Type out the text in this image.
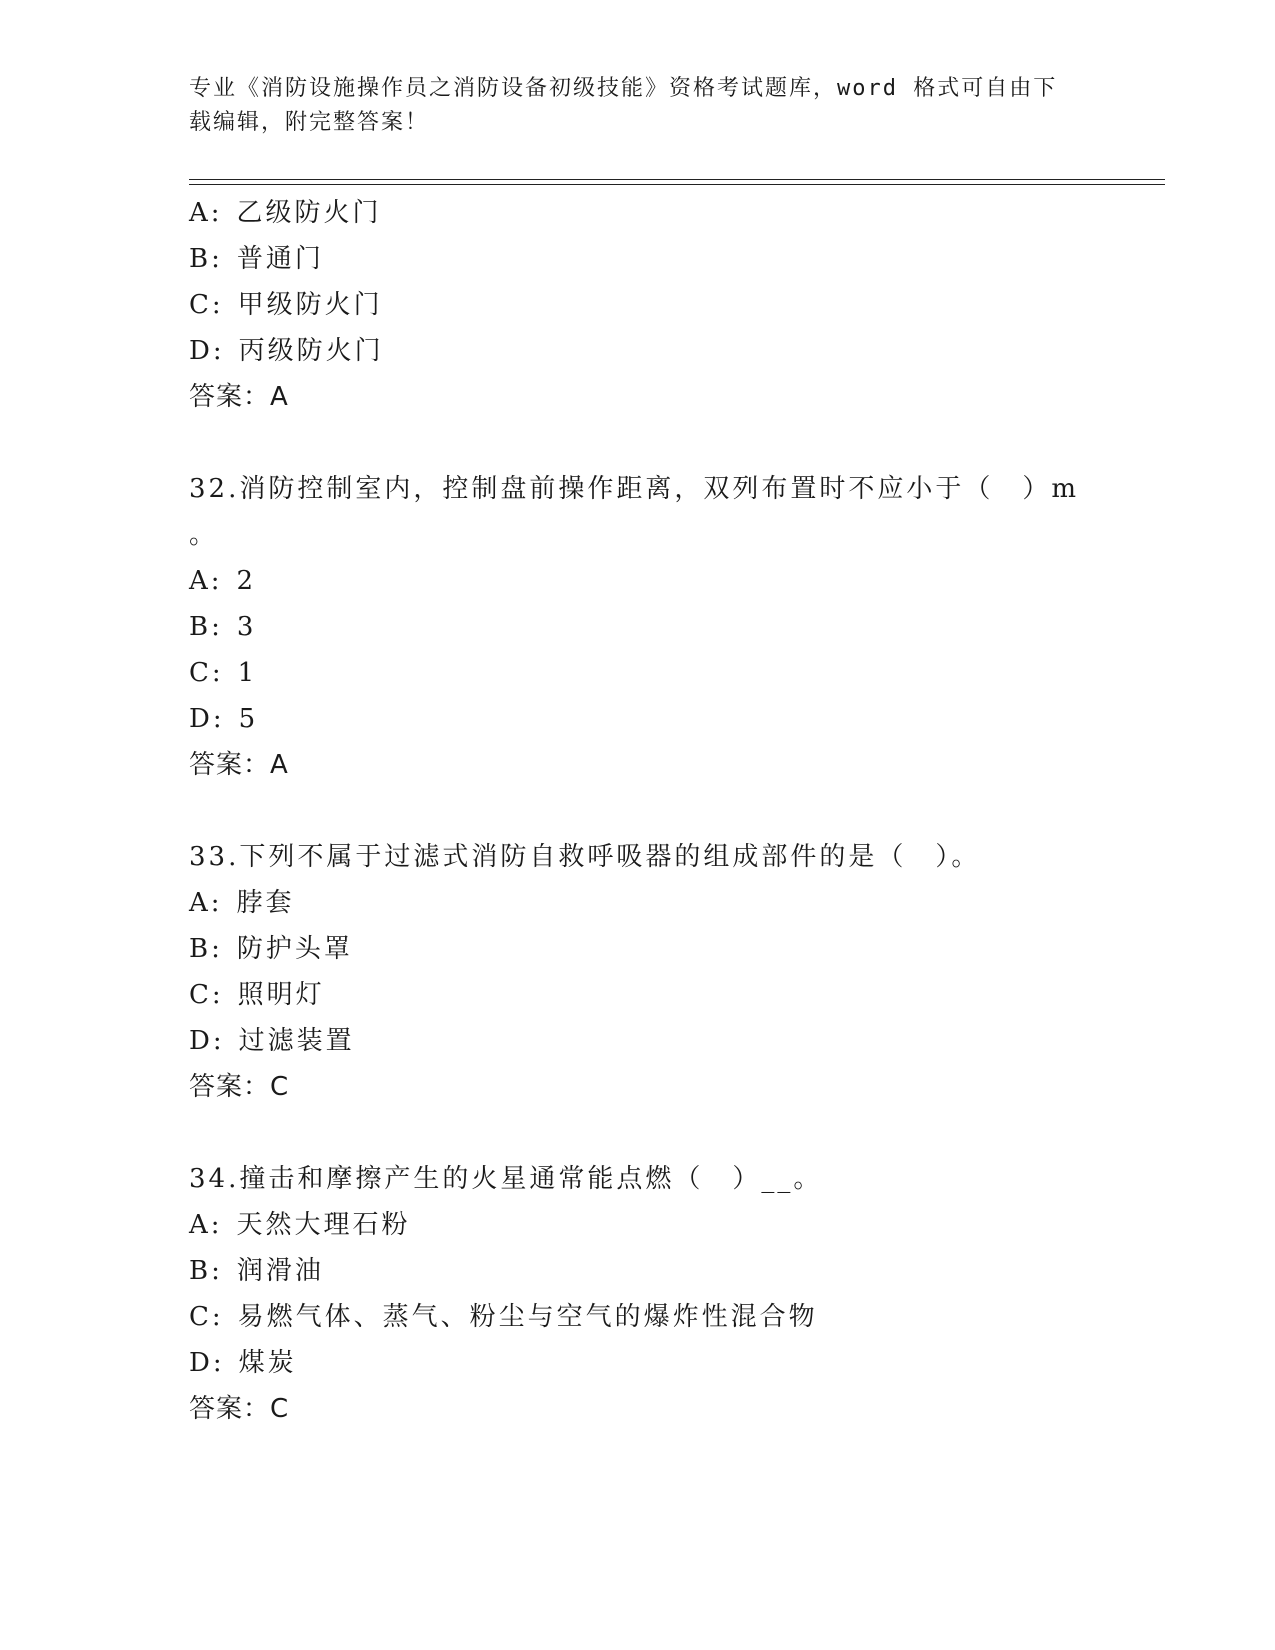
专业《消防设施操作员之消防设备初级技能》资格考试题库，word 格式可自由下
载编辑，附完整答案！
A: 乙级防火门
B: 普通门
C: 甲级防火门
D: 丙级防火门
答案：A
32.消防控制室内，控制盘前操作距离，双列布置时不应小于（　）m
。
A: 2
B: 3
C: 1
D: 5
答案：A
33.下列不属于过滤式消防自救呼吸器的组成部件的是（　）。
A: 脖套
B: 防护头罩
C: 照明灯
D: 过滤装置
答案：C
34.撞击和摩擦产生的火星通常能点燃（　）__。
A: 天然大理石粉
B: 润滑油
C: 易燃气体、蒸气、粉尘与空气的爆炸性混合物
D: 煤炭
答案：C
